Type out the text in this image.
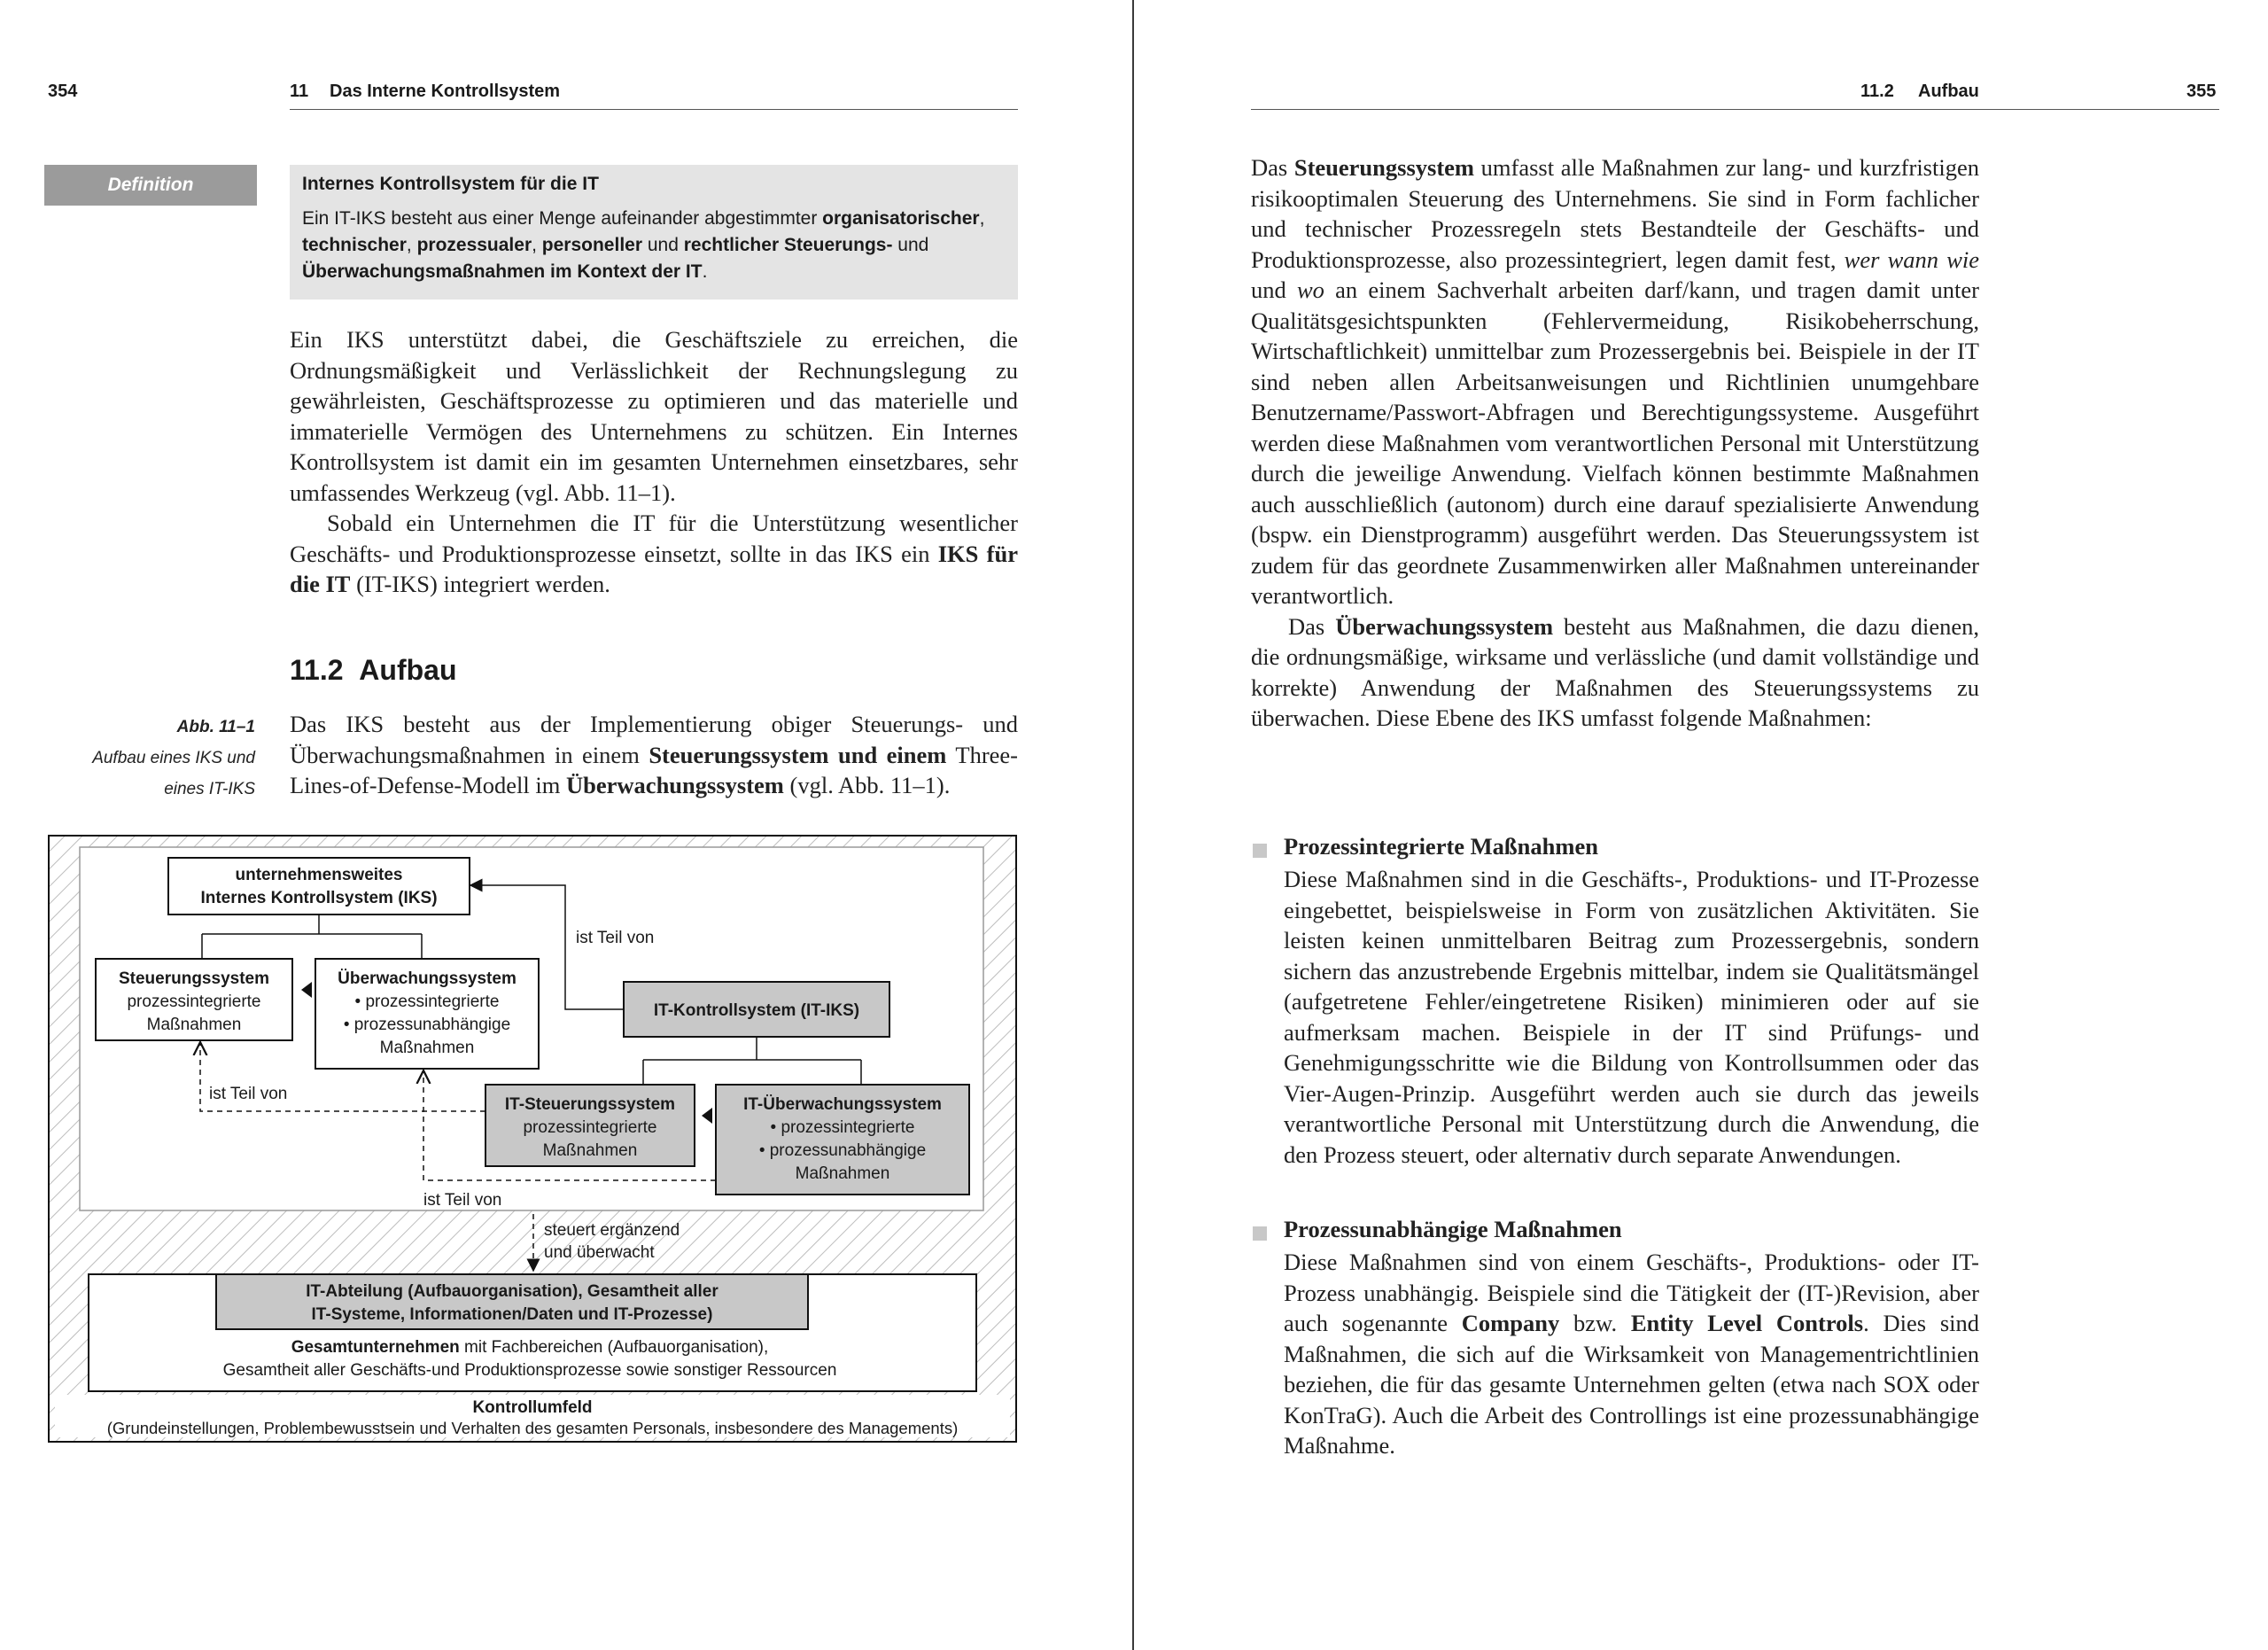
354	11 Das Interne Kontrollsystem
Definition	Internes Kontrollsystem für die IT
Ein IT-IKS besteht aus einer Menge aufeinander abgestimmter organisatorischer, technischer, prozessualer, personeller und rechtlicher Steuerungs- und Überwachungsmaßnahmen im Kontext der IT.

Ein IKS unterstützt dabei, die Geschäftsziele zu erreichen, die Ordnungsmäßigkeit und Verlässlichkeit der Rechnungslegung zu gewährleisten, Geschäftsprozesse zu optimieren und das materielle und immaterielle Vermögen des Unternehmens zu schützen. Ein Internes Kontrollsystem ist damit ein im gesamten Unternehmen einsetzbares, sehr umfassendes Werkzeug (vgl. Abb. 11–1).

Sobald ein Unternehmen die IT für die Unterstützung wesentlicher Geschäfts- und Produktionsprozesse einsetzt, sollte in das IKS ein IKS für die IT (IT-IKS) integriert werden.

11.2 Aufbau
Abb. 11–1
Aufbau eines IKS und
eines IT-IKS

Das IKS besteht aus der Implementierung obiger Steuerungs- und Überwachungsmaßnahmen in einem Steuerungssystem und einem Three-Lines-of-Defense-Modell im Überwachungssystem (vgl. Abb. 11–1).

unternehmensweites
Internes Kontrollsystem (IKS)
Steuerungssystem
prozessintegrierte
Maßnahmen
Überwachungssystem
• prozessintegrierte
• prozessunabhängige
Maßnahmen
IT-Kontrollsystem (IT-IKS)
ist Teil von
IT-Steuerungssystem
prozessintegrierte
Maßnahmen
IT-Überwachungssystem
• prozessintegrierte
• prozessunabhängige
Maßnahmen
ist Teil von
ist Teil von
steuert ergänzend
und überwacht
IT-Abteilung (Aufbauorganisation), Gesamtheit aller
IT-Systeme, Informationen/Daten und IT-Prozesse)
Gesamtunternehmen mit Fachbereichen (Aufbauorganisation),
Gesamtheit aller Geschäfts-und Produktionsprozesse sowie sonstiger Ressourcen
Kontrollumfeld
(Grundeinstellungen, Problembewusstsein und Verhalten des gesamten Personals, insbesondere des Managements)
11.2 Aufbau	355

Das Steuerungssystem umfasst alle Maßnahmen zur lang- und kurzfristigen risikooptimalen Steuerung des Unternehmens. Sie sind in Form fachlicher und technischer Prozessregeln stets Bestandteile der Geschäfts- und Produktionsprozesse, also prozessintegriert, legen damit fest, wer wann wie und wo an einem Sachverhalt arbeiten darf/kann, und tragen damit unter Qualitätsgesichtspunkten (Fehlervermeidung, Risikobeherrschung, Wirtschaftlichkeit) unmittelbar zum Prozessergebnis bei. Beispiele in der IT sind neben allen Arbeitsanweisungen und Richtlinien unumgehbare Benutzername/Passwort-Abfragen und Berechtigungssysteme. Ausgeführt werden diese Maßnahmen vom verantwortlichen Personal mit Unterstützung durch die jeweilige Anwendung. Vielfach können bestimmte Maßnahmen auch ausschließlich (autonom) durch eine darauf spezialisierte Anwendung (bspw. ein Dienstprogramm) ausgeführt werden. Das Steuerungssystem ist zudem für das geordnete Zusammenwirken aller Maßnahmen untereinander verantwortlich.

Das Überwachungssystem besteht aus Maßnahmen, die dazu dienen, die ordnungsmäßige, wirksame und verlässliche (und damit vollständige und korrekte) Anwendung der Maßnahmen des Steuerungssystems zu überwachen. Diese Ebene des IKS umfasst folgende Maßnahmen:

Prozessintegrierte Maßnahmen

Diese Maßnahmen sind in die Geschäfts-, Produktions- und IT-Prozesse eingebettet, beispielsweise in Form von zusätzlichen Aktivitäten. Sie leisten keinen unmittelbaren Beitrag zum Prozessergebnis, sondern sichern das anzustrebende Ergebnis mittelbar, indem sie Qualitätsmängel (aufgetretene Fehler/eingetretene Risiken) minimieren oder auf sie aufmerksam machen. Beispiele in der IT sind Prüfungs- und Genehmigungsschritte wie die Bildung von Kontrollsummen oder das Vier-Augen-Prinzip. Ausgeführt werden auch sie durch das jeweils verantwortliche Personal mit Unterstützung durch die Anwendung, die den Prozess steuert, oder alternativ durch separate Anwendungen.

Prozessunabhängige Maßnahmen

Diese Maßnahmen sind von einem Geschäfts-, Produktions- oder IT-Prozess unabhängig. Beispiele sind die Tätigkeit der (IT-)Revision, aber auch sogenannte Company bzw. Entity Level Controls. Dies sind Maßnahmen, die sich auf die Wirksamkeit von Managementrichtlinien beziehen, die für das gesamte Unternehmen gelten (etwa nach SOX oder KonTraG). Auch die Arbeit des Controllings ist eine prozessunabhängige Maßnahme.
